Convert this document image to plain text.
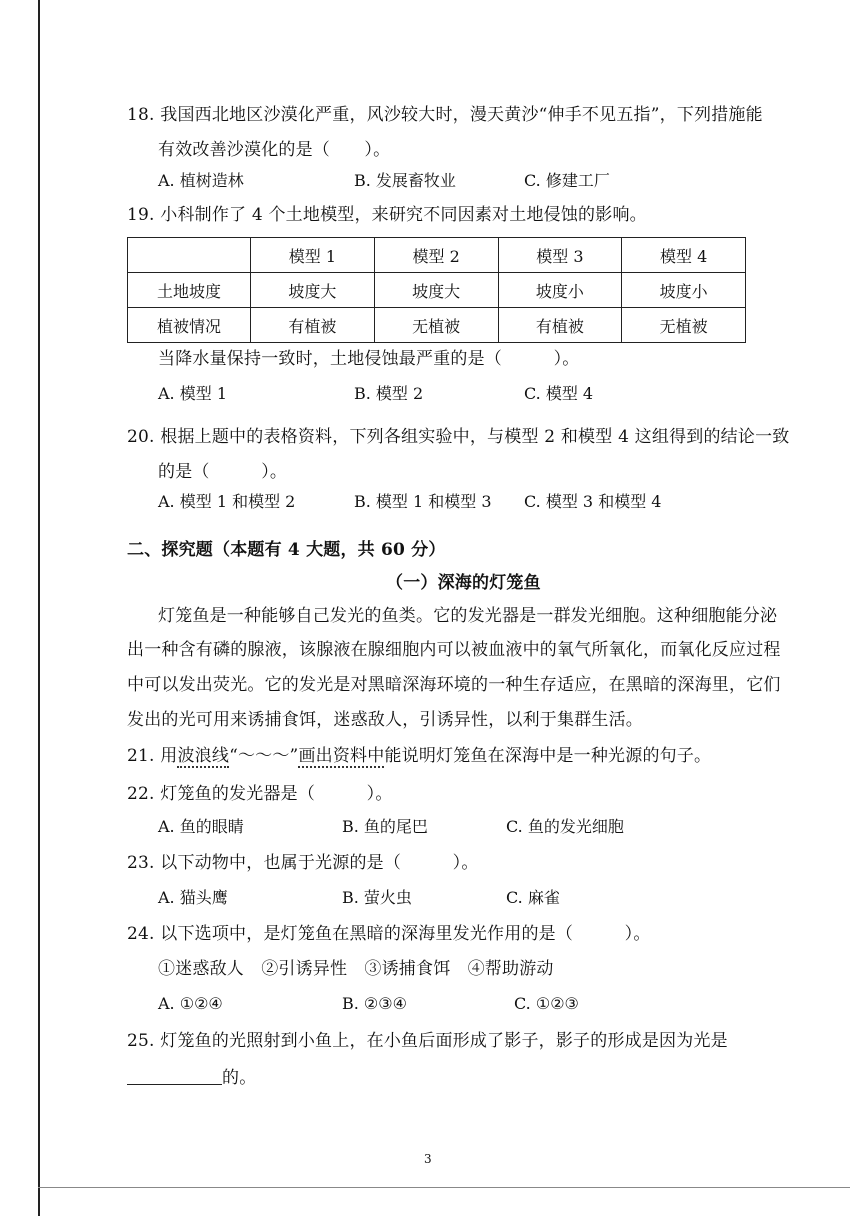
18. 我国西北地区沙漠化严重，风沙较大时，漫天黄沙“伸手不见五指”，下列措施能
有效改善沙漠化的是（　　）。
A. 植树造林	B. 发展畜牧业	C. 修建工厂
19. 小科制作了 4 个土地模型，来研究不同因素对土地侵蚀的影响。
	模型 1	模型 2	模型 3	模型 4
土地坡度	坡度大	坡度大	坡度小	坡度小
植被情况	有植被	无植被	有植被	无植被
当降水量保持一致时，土地侵蚀最严重的是（　　　）。
A. 模型 1	B. 模型 2	C. 模型 4
20. 根据上题中的表格资料，下列各组实验中，与模型 2 和模型 4 这组得到的结论一致
的是（　　　）。
A. 模型 1 和模型 2	B. 模型 1 和模型 3 C. 模型 3 和模型 4
二、探究题（本题有 4 大题，共 60 分）
（一）深海的灯笼鱼
灯笼鱼是一种能够自己发光的鱼类。它的发光器是一群发光细胞。这种细胞能分泌
出一种含有磷的腺液，该腺液在腺细胞内可以被血液中的氧气所氧化，而氧化反应过程
中可以发出荧光。它的发光是对黑暗深海环境的一种生存适应，在黑暗的深海里，它们
发出的光可用来诱捕食饵，迷惑敌人，引诱异性，以利于集群生活。
21. 用波浪线“～～～”画出资料中能说明灯笼鱼在深海中是一种光源的句子。
22. 灯笼鱼的发光器是（　　　）。
A. 鱼的眼睛	B. 鱼的尾巴	C. 鱼的发光细胞
23. 以下动物中，也属于光源的是（　　　）。
A. 猫头鹰	B. 萤火虫	C. 麻雀
24. 以下选项中，是灯笼鱼在黑暗的深海里发光作用的是（　　　）。
①迷惑敌人　②引诱异性　③诱捕食饵　④帮助游动
A. ①②④	B. ②③④	C. ①②③
25. 灯笼鱼的光照射到小鱼上，在小鱼后面形成了影子，影子的形成是因为光是
的。
3
